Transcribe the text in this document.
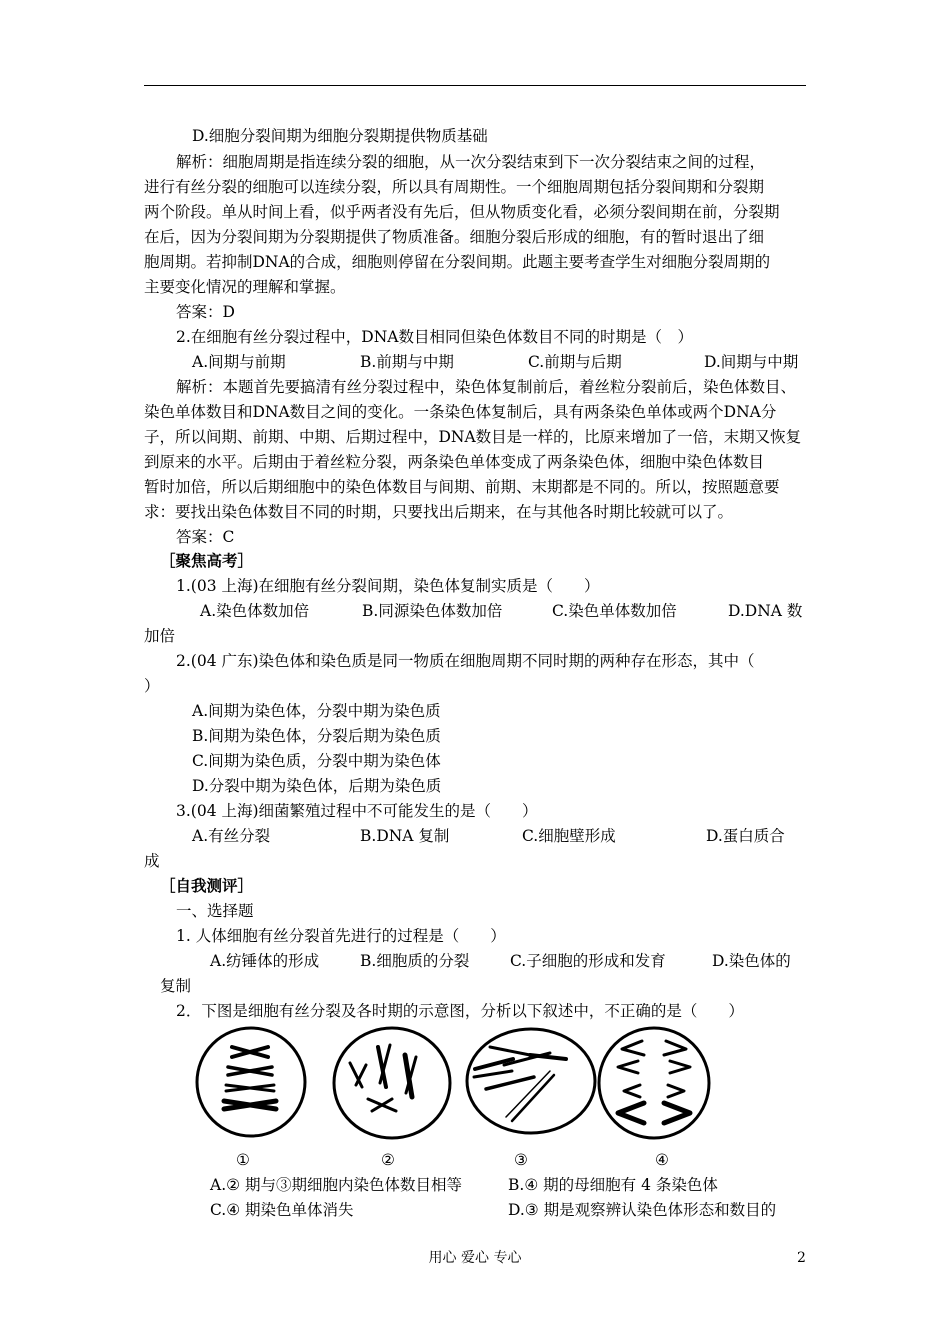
D.细胞分裂间期为细胞分裂期提供物质基础
解析：细胞周期是指连续分裂的细胞，从一次分裂结束到下一次分裂结束之间的过程，
进行有丝分裂的细胞可以连续分裂，所以具有周期性。一个细胞周期包括分裂间期和分裂期
两个阶段。单从时间上看，似乎两者没有先后，但从物质变化看，必须分裂间期在前，分裂期
在后，因为分裂间期为分裂期提供了物质准备。细胞分裂后形成的细胞，有的暂时退出了细
胞周期。若抑制DNA的合成，细胞则停留在分裂间期。此题主要考查学生对细胞分裂周期的
主要变化情况的理解和掌握。
答案：D
2.在细胞有丝分裂过程中，DNA数目相同但染色体数目不同的时期是（　）
A.间期与前期	B.前期与中期	C.前期与后期	D.间期与中期
解析：本题首先要搞清有丝分裂过程中，染色体复制前后，着丝粒分裂前后，染色体数目、
染色单体数目和DNA数目之间的变化。一条染色体复制后，具有两条染色单体或两个DNA分
子，所以间期、前期、中期、后期过程中，DNA数目是一样的，比原来增加了一倍，末期又恢复
到原来的水平。后期由于着丝粒分裂，两条染色单体变成了两条染色体，细胞中染色体数目
暂时加倍，所以后期细胞中的染色体数目与间期、前期、末期都是不同的。所以，按照题意要
求：要找出染色体数目不同的时期，只要找出后期来，在与其他各时期比较就可以了。
答案：C
［聚焦高考］
1.(03 上海)在细胞有丝分裂间期，染色体复制实质是（　　）
A.染色体数加倍	B.同源染色体数加倍	C.染色单体数加倍	D.DNA 数
加倍
2.(04 广东)染色体和染色质是同一物质在细胞周期不同时期的两种存在形态，其中（
）
A.间期为染色体，分裂中期为染色质
B.间期为染色体，分裂后期为染色质
C.间期为染色质，分裂中期为染色体
D.分裂中期为染色体，后期为染色质
3.(04 上海)细菌繁殖过程中不可能发生的是（　　）
A.有丝分裂	B.DNA 复制	C.细胞壁形成	D.蛋白质合
成
［自我测评］
一、选择题
1. 人体细胞有丝分裂首先进行的过程是（　　）
A.纺锤体的形成	B.细胞质的分裂	C.子细胞的形成和发育	D.染色体的
复制
2．下图是细胞有丝分裂及各时期的示意图，分析以下叙述中，不正确的是（　　）
①	②	③	④
A.② 期与③期细胞内染色体数目相等	B.④ 期的母细胞有 4 条染色体
C.④ 期染色单体消失	D.③ 期是观察辨认染色体形态和数目的
用心 爱心 专心	2
